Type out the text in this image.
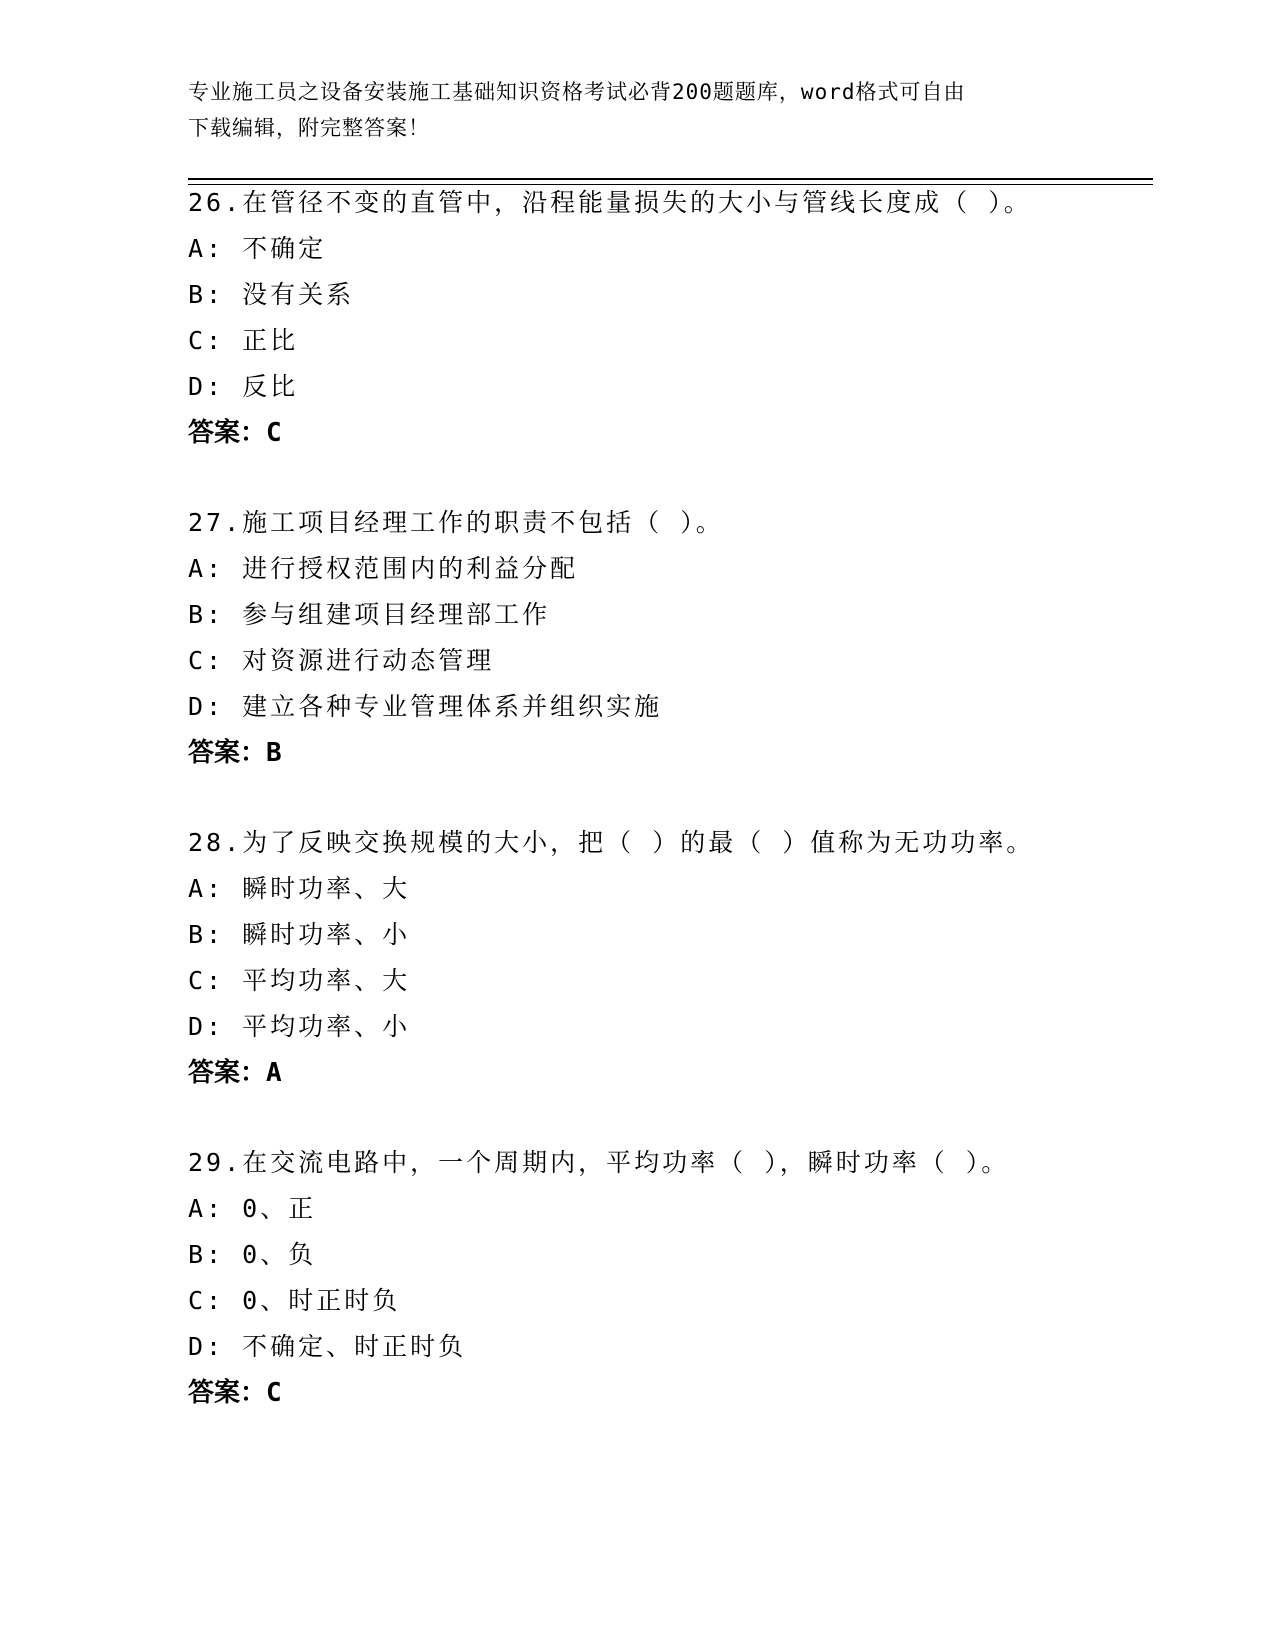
专业施工员之设备安装施工基础知识资格考试必背200题题库，word格式可自由
下载编辑，附完整答案！
26.在管径不变的直管中，沿程能量损失的大小与管线长度成（ ）。
A: 不确定
B: 没有关系
C: 正比
D: 反比
答案：C
27.施工项目经理工作的职责不包括（ ）。
A: 进行授权范围内的利益分配
B: 参与组建项目经理部工作
C: 对资源进行动态管理
D: 建立各种专业管理体系并组织实施
答案：B
28.为了反映交换规模的大小，把（ ）的最（ ）值称为无功功率。
A: 瞬时功率、大
B: 瞬时功率、小
C: 平均功率、大
D: 平均功率、小
答案：A
29.在交流电路中，一个周期内，平均功率（ ），瞬时功率（ ）。
A: 0、正
B: 0、负
C: 0、时正时负
D: 不确定、时正时负
答案：C
